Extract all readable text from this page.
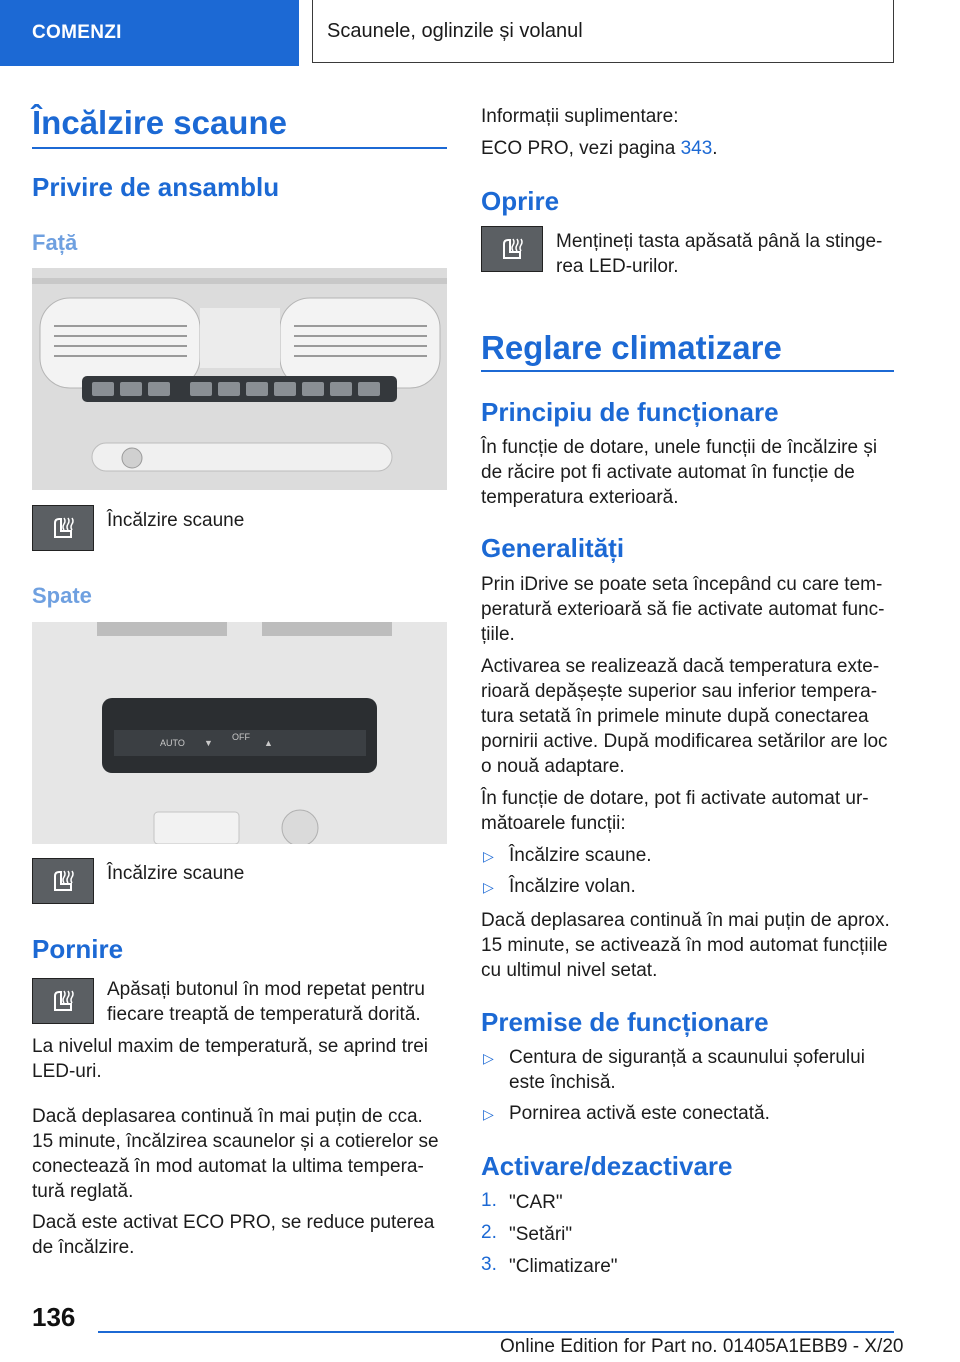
COMENZI	Scaunele, oglinzile și volanul
Încălzire scaune
Privire de ansamblu
Față
Încălzire scaune
Spate
AUTO ▼
OFF
▲
Încălzire scaune
Pornire
Apăsați butonul în mod repetat pentru
fiecare treaptă de temperatură dorită.
La nivelul maxim de temperatură, se aprind trei
LED-uri.
Dacă deplasarea continuă în mai puțin de cca.
15 minute, încălzirea scaunelor și a cotierelor se
conectează în mod automat la ultima tempera-
tură reglată.
Dacă este activat ECO PRO, se reduce puterea
de încălzire.
Informații suplimentare:
ECO PRO, vezi pagina 343.
Oprire
Mențineți tasta apăsată până la stinge-
rea LED-urilor.
Reglare climatizare
Principiu de funcționare
În funcție de dotare, unele funcții de încălzire și
de răcire pot fi activate automat în funcție de
temperatura exterioară.
Generalități
Prin iDrive se poate seta începând cu care tem-
peratură exterioară să fie activate automat func-
țiile.
Activarea se realizează dacă temperatura exte-
rioară depășește superior sau inferior tempera-
tura setată în primele minute după conectarea
pornirii active. După modificarea setărilor are loc
o nouă adaptare.
În funcție de dotare, pot fi activate automat ur-
mătoarele funcții:
▷ Încălzire scaune.
▷ Încălzire volan.
Dacă deplasarea continuă în mai puțin de aprox.
15 minute, se activează în mod automat funcțiile
cu ultimul nivel setat.
Premise de funcționare
▷ Centura de siguranță a scaunului șoferului
este închisă.
▷ Pornirea activă este conectată.
Activare/dezactivare
1. "CAR"
2. "Setări"
3. "Climatizare"
136
Online Edition for Part no. 01405A1EBB9 - X/20
